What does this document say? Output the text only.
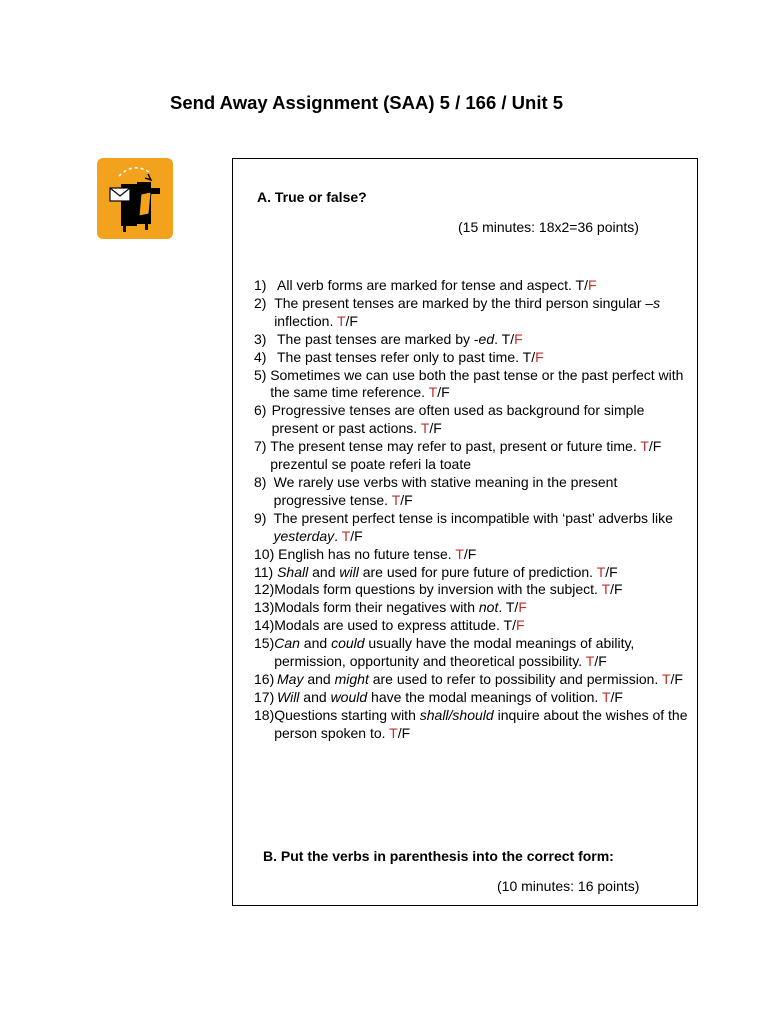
Send Away Assignment (SAA) 5 / 166 / Unit 5
A. True or false?
(15 minutes: 18x2=36 points)
1) All verb forms are marked for tense and aspect. T/F
2) The present tenses are marked by the third person singular –s inflection. T/F
3) The past tenses are marked by -ed. T/F
4) The past tenses refer only to past time. T/F
5) Sometimes we can use both the past tense or the past perfect with the same time reference. T/F
6) Progressive tenses are often used as background for simple present or past actions. T/F
7) The present tense may refer to past, present or future time. T/F prezentul se poate referi la toate
8) We rarely use verbs with stative meaning in the present progressive tense. T/F
9) The present perfect tense is incompatible with ‘past’ adverbs like yesterday. T/F
10) English has no future tense. T/F
11) Shall and will are used for pure future of prediction. T/F
12)Modals form questions by inversion with the subject. T/F
13)Modals form their negatives with not. T/F
14)Modals are used to express attitude. T/F
15) Can and could usually have the modal meanings of ability, permission, opportunity and theoretical possibility. T/F
16) May and might are used to refer to possibility and permission. T/F
17) Will and would have the modal meanings of volition. T/F
18) Questions starting with shall/should inquire about the wishes of the person spoken to. T/F
B. Put the verbs in parenthesis into the correct form:
(10 minutes: 16 points)
